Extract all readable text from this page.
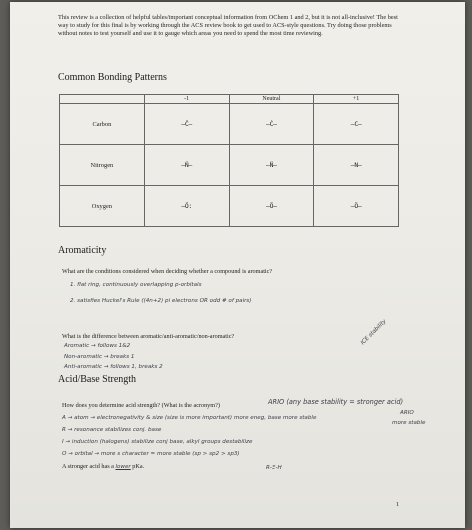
This review is a collection of helpful tables/important conceptual information from OChem 1 and 2, but it is not all-inclusive! The best way to study for this final is by working through the ACS review book to get used to ACS-style questions. Try doing those problems without notes to test yourself and use it to gauge which areas you need to spend the most time reviewing.
Common Bonding Patterns
	-1	Neutral	+1
Carbon	–C̈–	–Ċ–	–C–
Nitrogen	–N̈–	–N̈–	–N–
Oxygen	–Ö:	–Ö–	–Ö–
Aromaticity
What are the conditions considered when deciding whether a compound is aromatic?
1. flat ring, continuously overlapping p-orbitals
2. satisfies Huckel's Rule ((4n+2) pi electrons OR odd # of pairs)
What is the difference between aromatic/anti-aromatic/non-aromatic?
Aromatic → follows 1&2
Non-aromatic → breaks 1
Anti-aromatic → follows 1, breaks 2
Acid/Base Strength
ICE stability
ARIO
more stable
How does you determine acid strength? (What is the acronym?)	ARIO (any base stability = stronger acid)
A → atom → electronegativity & size (size is more important) more eneg, base more stable
R → resonance stabilizes conj. base
I → induction (halogens) stabilize conj base, alkyl groups destabilize
O → orbital → more s character = more stable (sp > sp2 > sp3)
A stronger acid has a lower pKa.	R-Ξ-H
1
